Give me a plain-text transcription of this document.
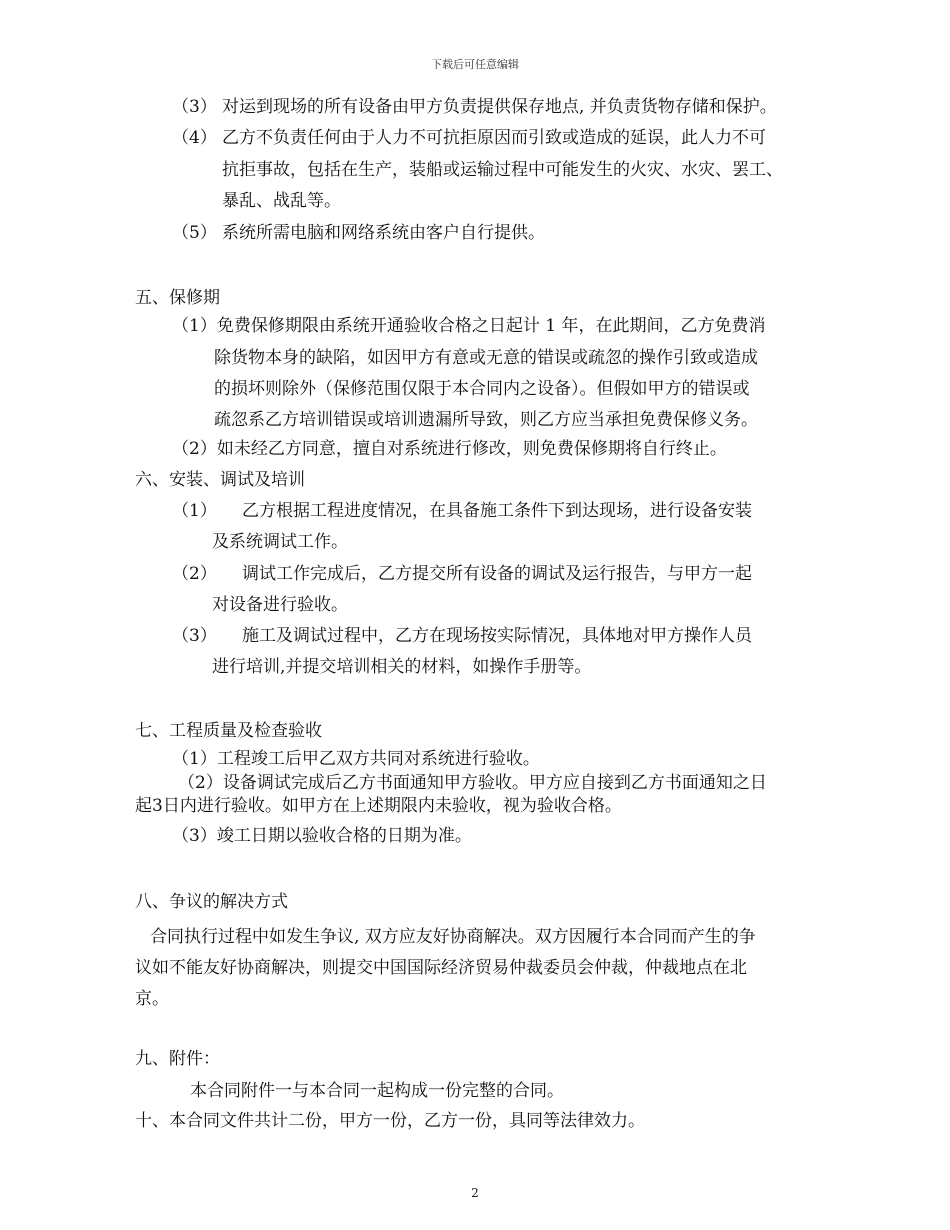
下载后可任意编辑
（3） 对运到现场的所有设备由甲方负责提供保存地点, 并负责货物存储和保护。
（4） 乙方不负责任何由于人力不可抗拒原因而引致或造成的延误，此人力不可
抗拒事故，包括在生产，装船或运输过程中可能发生的火灾、水灾、罢工、
暴乱、战乱等。
（5） 系统所需电脑和网络系统由客户自行提供。
五、保修期
（1）免费保修期限由系统开通验收合格之日起计 1 年，在此期间，乙方免费消
除货物本身的缺陷，如因甲方有意或无意的错误或疏忽的操作引致或造成
的损坏则除外（保修范围仅限于本合同内之设备）。但假如甲方的错误或
疏忽系乙方培训错误或培训遗漏所导致，则乙方应当承担免费保修义务。
（2）如未经乙方同意，擅自对系统进行修改，则免费保修期将自行终止。
六、安装、调试及培训
（1） 乙方根据工程进度情况，在具备施工条件下到达现场，进行设备安装
及系统调试工作。
（2） 调试工作完成后，乙方提交所有设备的调试及运行报告，与甲方一起
对设备进行验收。
（3） 施工及调试过程中，乙方在现场按实际情况，具体地对甲方操作人员
进行培训,并提交培训相关的材料，如操作手册等。
七、工程质量及检查验收
（1）工程竣工后甲乙双方共同对系统进行验收。
（2）设备调试完成后乙方书面通知甲方验收。甲方应自接到乙方书面通知之日
起3日内进行验收。如甲方在上述期限内未验收，视为验收合格。
（3）竣工日期以验收合格的日期为准。
八、争议的解决方式
合同执行过程中如发生争议, 双方应友好协商解决。双方因履行本合同而产生的争
议如不能友好协商解决，则提交中国国际经济贸易仲裁委员会仲裁，仲裁地点在北
京。
九、附件：
本合同附件一与本合同一起构成一份完整的合同。
十、本合同文件共计二份，甲方一份，乙方一份，具同等法律效力。
2
